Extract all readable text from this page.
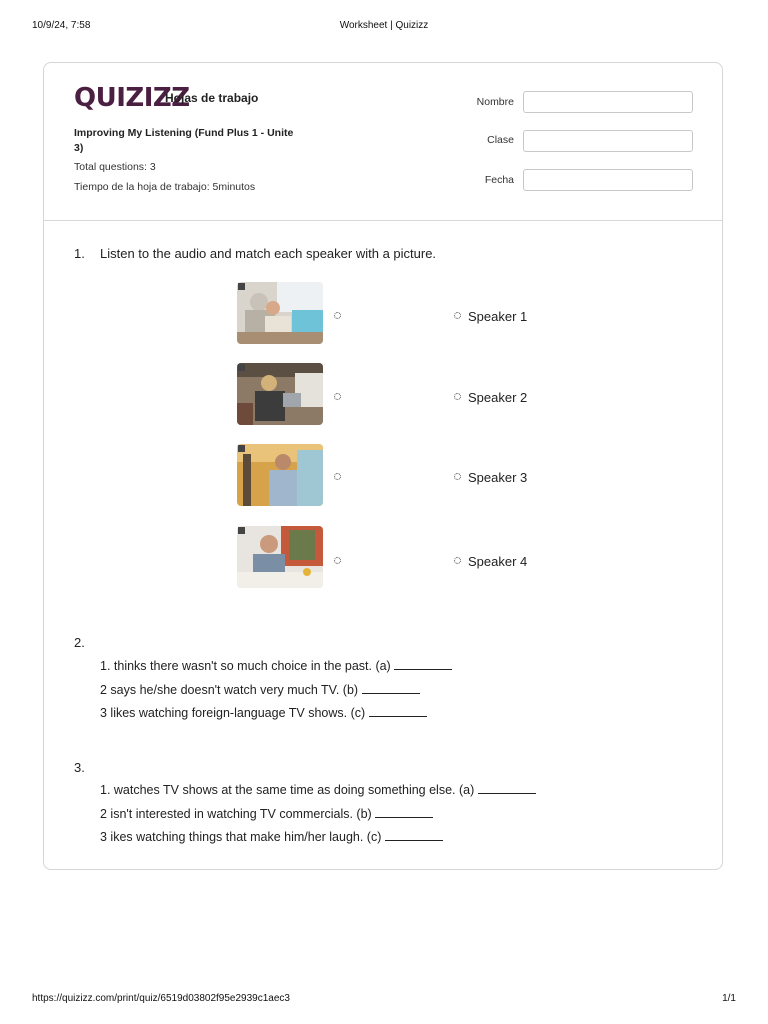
10/9/24, 7:58	Worksheet | Quizizz
QUIZIZZ
Hojas de trabajo
Improving My Listening (Fund Plus 1 - Unite 3)
Total questions: 3
Tiempo de la hoja de trabajo: 5minutos
Nombre
Clase
Fecha
1. Listen to the audio and match each speaker with a picture.
Speaker 1
Speaker 2
Speaker 3
Speaker 4
2.
1. thinks there wasn't so much choice in the past. (a)
2 says he/she doesn't watch very much TV. (b)
3 likes watching foreign-language TV shows. (c)
3.
1. watches TV shows at the same time as doing something else. (a)
2 isn't interested in watching TV commercials. (b)
3 ikes watching things that make him/her laugh. (c)
https://quizizz.com/print/quiz/6519d03802f95e2939c1aec3	1/1
